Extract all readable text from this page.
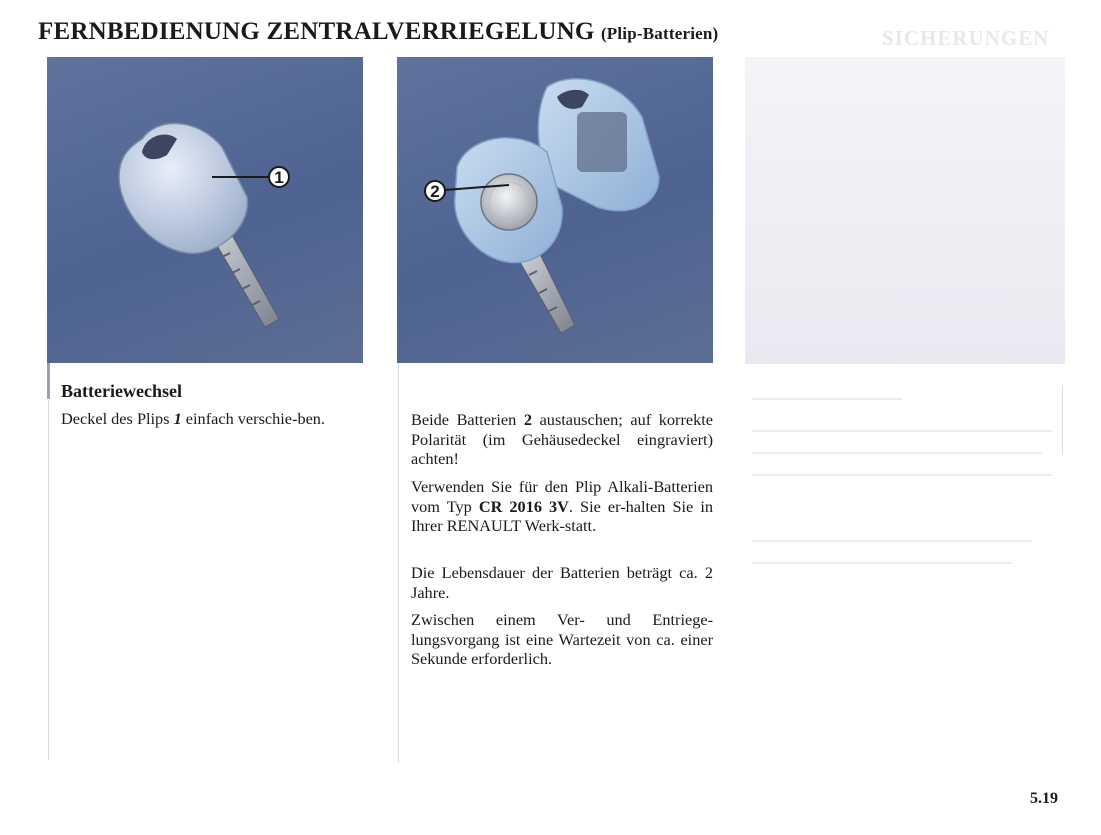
FERNBEDIENUNG ZENTRALVERRIEGELUNG (Plip-Batterien)	SICHERUNGEN
1
2
Batteriewechsel

Deckel des Plips 1 einfach verschie-ben.	Beide Batterien 2 austauschen; auf korrekte Polarität (im Gehäusedeckel eingraviert) achten!

Verwenden Sie für den Plip Alkali-Batterien vom Typ CR 2016 3V. Sie er-halten Sie in Ihrer RENAULT Werk-statt.

Die Lebensdauer der Batterien beträgt ca. 2 Jahre.

Zwischen einem Ver- und Entriege-lungsvorgang ist eine Wartezeit von ca. einer Sekunde erforderlich.

5.19
